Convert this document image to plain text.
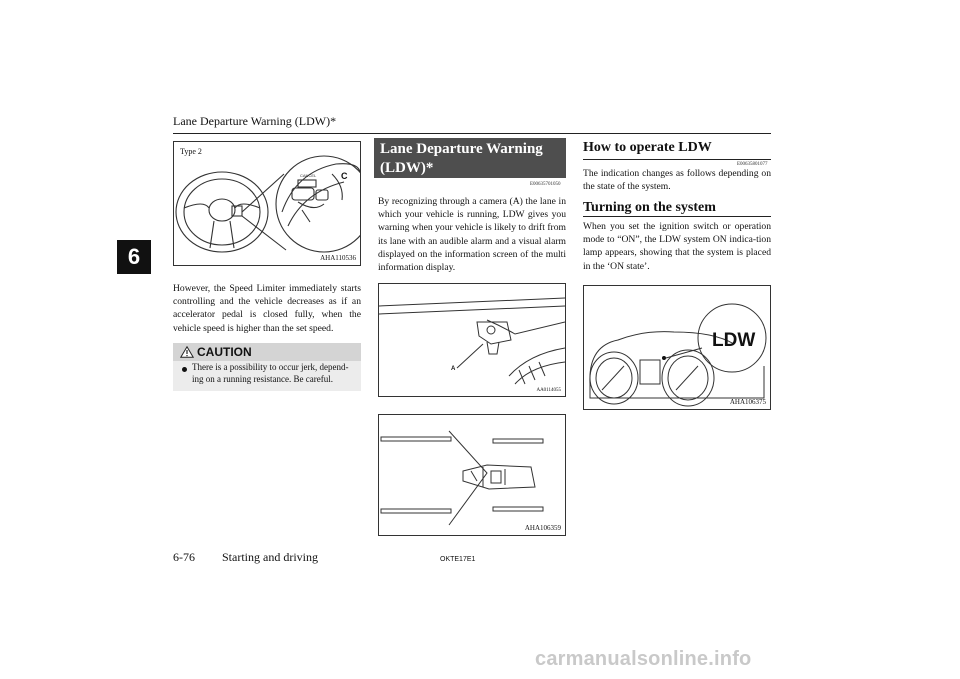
Lane Departure Warning (LDW)*
6
Type 2
CANCEL	C
AHA110536
However, the Speed Limiter immediately starts controlling and the vehicle decreases as if an accelerator pedal is closed fully, when the vehicle speed is higher than the set speed.
CAUTION
There is a possibility to occur jerk, depend-ing on a running resistance. Be careful.
Lane Departure Warning (LDW)*
E00635701050
By recognizing through a camera (A) the lane in which your vehicle is running, LDW gives you warning when your vehicle is likely to drift from its lane with an audible alarm and a visual alarm displayed on the information screen of the multi information display.
A
AA0114055
AHA106359
How to operate LDW
E00635801077
The indication changes as follows depending on the state of the system.
Turning on the system
When you set the ignition switch or operation mode to “ON”, the LDW system ON indica-tion lamp appears, showing that the system is placed in the ‘ON state’.
LDW
AHA106375
6-76 Starting and driving	OKTE17E1
carmanualsonline.info
